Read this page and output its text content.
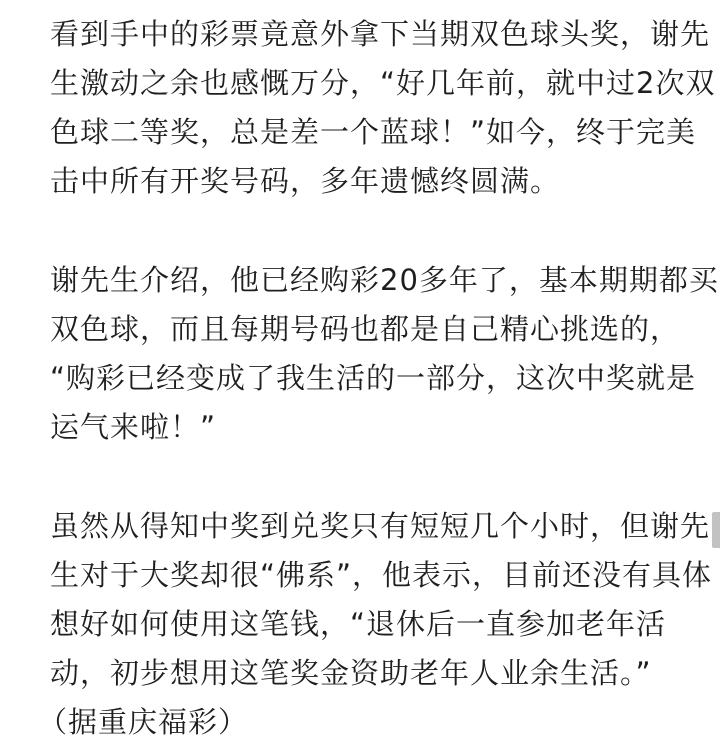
看到手中的彩票竟意外拿下当期双色球头奖，谢先
生激动之余也感慨万分，“好几年前，就中过2次双
色球二等奖，总是差一个蓝球！”如今，终于完美
击中所有开奖号码，多年遗憾终圆满。

谢先生介绍，他已经购彩20多年了，基本期期都买
双色球，而且每期号码也都是自己精心挑选的，
“购彩已经变成了我生活的一部分，这次中奖就是
运气来啦！”

虽然从得知中奖到兑奖只有短短几个小时，但谢先
生对于大奖却很“佛系”，他表示，目前还没有具体
想好如何使用这笔钱，“退休后一直参加老年活
动，初步想用这笔奖金资助老年人业余生活。”
（据重庆福彩）
